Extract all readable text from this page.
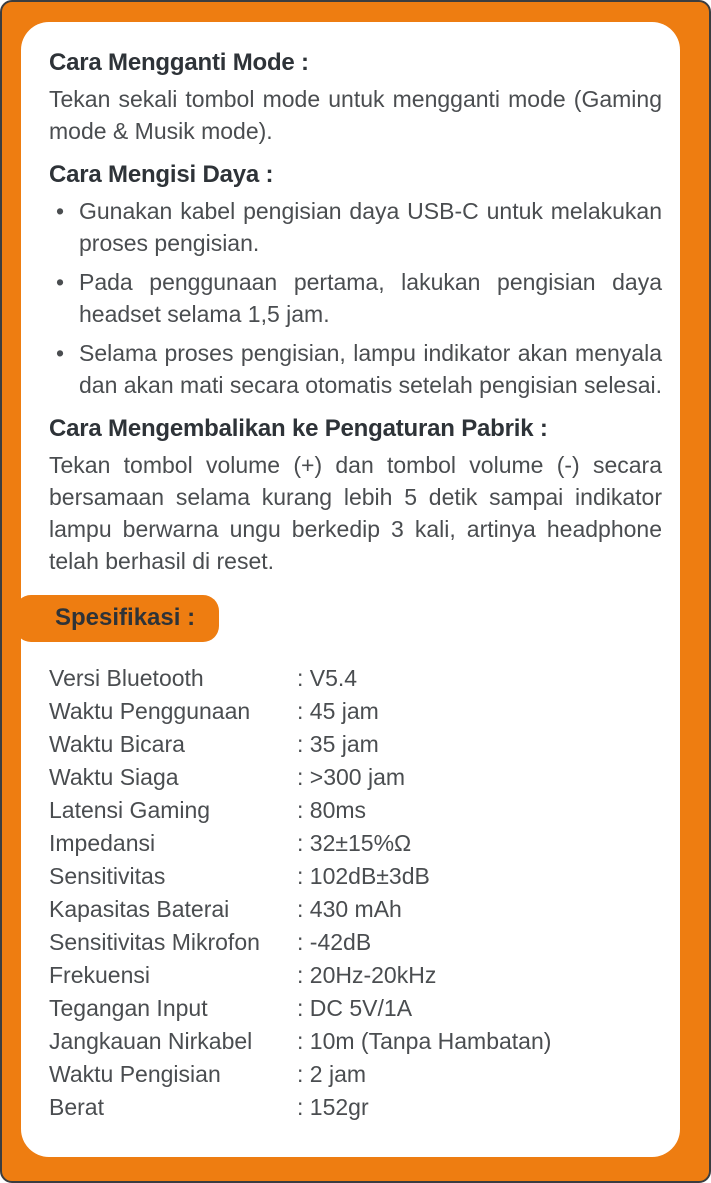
Cara Mengganti Mode :

Tekan sekali tombol mode untuk mengganti mode (Gaming mode & Musik mode).

Cara Mengisi Daya :
• Gunakan kabel pengisian daya USB-C untuk melakukan proses pengisian.
• Pada penggunaan pertama, lakukan pengisian daya headset selama 1,5 jam.
• Selama proses pengisian, lampu indikator akan menyala dan akan mati secara otomatis setelah pengisian selesai.
Cara Mengembalikan ke Pengaturan Pabrik :

Tekan tombol volume (+) dan tombol volume (-) secara bersamaan selama kurang lebih 5 detik sampai indikator lampu berwarna ungu berkedip 3 kali, artinya headphone telah berhasil di reset.

Spesifikasi :
Versi Bluetooth	: V5.4
Waktu Penggunaan	: 45 jam
Waktu Bicara	: 35 jam
Waktu Siaga	: >300 jam
Latensi Gaming	: 80ms
Impedansi	: 32±15%Ω
Sensitivitas	: 102dB±3dB
Kapasitas Baterai	: 430 mAh
Sensitivitas Mikrofon	: -42dB
Frekuensi	: 20Hz-20kHz
Tegangan Input	: DC 5V/1A
Jangkauan Nirkabel	: 10m (Tanpa Hambatan)
Waktu Pengisian	: 2 jam
Berat	: 152gr
